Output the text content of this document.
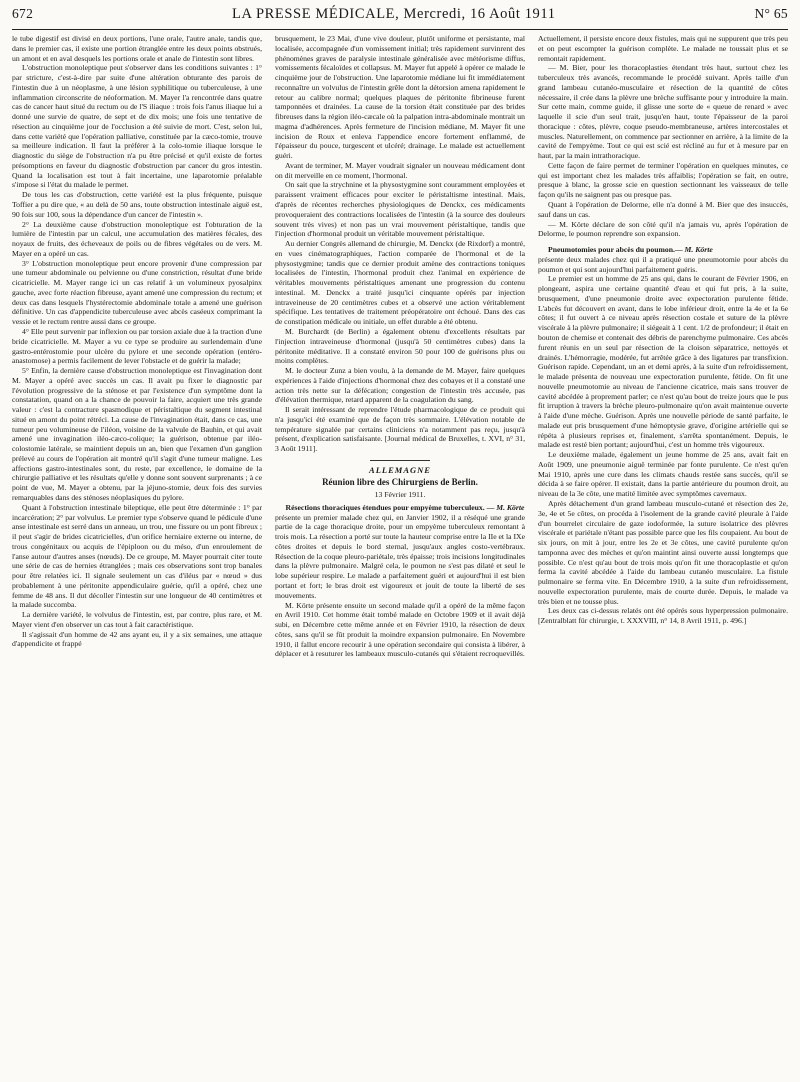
672	LA PRESSE MÉDICALE, Mercredi, 16 Août 1911	N° 65

le tube digestif est divisé en deux portions, l'une orale, l'autre anale, tandis que, dans le premier cas, il existe une portion étranglée entre les deux points obstrués, un amont et en aval desquels les portions orale et anale de l'intestin sont libres.

L'obstruction monoleptique peut s'observer dans les conditions suivantes : 1° par stricture, c'est-à-dire par suite d'une altération obturante des parois de l'intestin due à un néoplasme, à une lésion syphilitique ou tuberculeuse, à une inflammation circonscrite de néoformation. M. Mayer l'a rencontrée dans quatre cas de cancer haut situé du rectum ou de l'S iliaque : trois fois l'anus iliaque lui a donné une survie de quatre, de sept et de dix mois; une fois une tentative de résection au cinquième jour de l'occlusion a été suivie de mort. C'est, selon lui, dans cette variété que l'opération palliative, constituée par la cæco-tomie, trouve sa meilleure indication. Il faut la préférer à la colo-tomie iliaque lorsque le diagnostic du siège de l'obstruction n'a pu être précisé et qu'il existe de fortes présomptions en faveur du diagnostic d'obstruction par cancer du gros intestin. Quand la localisation est tout à fait incertaine, une laparotomie préalable s'impose si l'état du malade le permet.

De tous les cas d'obstruction, cette variété est la plus fréquente, puisque Toffier a pu dire que, « au delà de 50 ans, toute obstruction intestinale aiguë est, 90 fois sur 100, sous la dépendance d'un cancer de l'intestin ».

2° La deuxième cause d'obstruction monoleptique est l'obturation de la lumière de l'intestin par un calcul, une accumulation des matières fécales, des noyaux de fruits, des écheveaux de poils ou de fibres végétales ou de vers. M. Mayer en a opéré un cas.

3° L'obstruction monoleptique peut encore provenir d'une compression par une tumeur abdominale ou pelvienne ou d'une constriction, résultat d'une bride cicatricielle. M. Mayer range ici un cas relatif à un volumineux pyosalpinx gauche, avec forte réaction fibreuse, ayant amené une compression du rectum; et deux cas dans lesquels l'hystérectomie abdominale totale a amené une guérison définitive. Un cas d'appendicite tuberculeuse avec abcès caséeux comprimant la vessie et le rectum rentre aussi dans ce groupe.

4° Elle peut survenir par inflexion ou par torsion axiale due à la traction d'une bride cicatricielle. M. Mayer a vu ce type se produire au surlendemain d'une gastro-entérostomie pour ulcère du pylore et une seconde opération (entéro-anastomose) a permis facilement de lever l'obstacle et de guérir la malade;

5° Enfin, la dernière cause d'obstruction monoleptique est l'invagination dont M. Mayer a opéré avec succès un cas. Il avait pu fixer le diagnostic par l'évolution progressive de la sténose et par l'existence d'un symptôme dont la constatation, quand on a la chance de pouvoir la faire, acquiert une très grande valeur : c'est la contracture spasmodique et péristaltique du segment intestinal situé en amont du point rétréci. La cause de l'invagination était, dans ce cas, une tumeur peu volumineuse de l'iléon, voisine de la valvule de Bauhin, et qui avait amené une invagination iléo-cæco-colique; la guérison, obtenue par iléo-colostomie latérale, se maintient depuis un an, bien que l'examen d'un ganglion prélevé au cours de l'opération ait montré qu'il s'agit d'une tumeur maligne. Les affections gastro-intestinales sont, du reste, par excellence, le domaine de la chirurgie palliative et les résultats qu'elle y donne sont souvent surprenants ; à ce point de vue, M. Mayer a obtenu, par la jéjuno-stomie, deux fois des survies remarquables dans des sténoses néoplasiques du pylore.

Quant à l'obstruction intestinale bileptique, elle peut être déterminée : 1° par incarcération; 2° par volvulus. Le premier type s'observe quand le pédicule d'une anse intestinale est serré dans un anneau, un trou, une fissure ou un pont fibreux ; il peut s'agir de brides cicatricielles, d'un orifice herniaire externe ou interne, de trous congénitaux ou acquis de l'épiploon ou du méso, d'un enroulement de l'anse autour d'autres anses (nœuds). De ce groupe, M. Mayer pourrait citer toute une série de cas de hernies étranglées ; mais ces observations sont trop banales pour être relatées ici. Il signale seulement un cas d'iléus par « nœud » dus probablement à une péritonite appendiculaire guérie, qu'il a opéré, chez une femme de 48 ans. Il dut décoller l'intestin sur une longueur de 40 centimètres et la malade succomba.

La dernière variété, le volvulus de l'intestin, est, par contre, plus rare, et M. Mayer vient d'en observer un cas tout à fait caractéristique.

Il s'agissait d'un homme de 42 ans ayant eu, il y a six semaines, une attaque d'appendicite et frappé

brusquement, le 23 Mai, d'une vive douleur, plutôt uniforme et persistante, mal localisée, accompagnée d'un vomissement initial; très rapidement survinrent des phénomènes graves de paralysie intestinale généralisée avec météorisme diffus, vomissements fécaloïdes et collapsus. M. Mayer fut appelé à opérer ce malade le cinquième jour de l'obstruction. Une laparotomie médiane lui fit immédiatement reconnaître un volvulus de l'intestin grêle dont la détorsion amena rapidement le retour au calibre normal; quelques plaques de péritonite fibrineuse furent tamponnées et drainées. La cause de la torsion était constituée par des brides fibreuses dans la région iléo-cæcale où la palpation intra-abdominale montrait un magma d'adhérences. Après fermeture de l'incision médiane, M. Mayer fit une incision de Roux et enleva l'appendice encore fortement enflammé, de l'épaisseur du pouce, turgescent et ulcéré; drainage. Le malade est actuellement guéri.

Avant de terminer, M. Mayer voudrait signaler un nouveau médicament dont on dit merveille en ce moment, l'hormonal.

On sait que la strychnine et la physostygmine sont couramment employées et paraissent vraiment efficaces pour exciter le péristaltisme intestinal. Mais, d'après de récentes recherches physiologiques de Denckx, ces médicaments provoqueraient des contractions localisées de l'intestin (à la source des douleurs souvent très vives) et non pas un vrai mouvement péristaltique, tandis que l'injection d'hormonal produit un véritable mouvement péristaltique.

Au dernier Congrès allemand de chirurgie, M. Denckx (de Rixdorf) a montré, en vues cinématographiques, l'action comparée de l'hormonal et de la physostygmine; tandis que ce dernier produit amène des contractions toniques localisées de l'intestin, l'hormonal produit chez l'animal en expérience de véritables mouvements péristaltiques amenant une progression du contenu intestinal. M. Denckx a traité jusqu'ici cinquante opérés par injection intraveineuse de 20 centimètres cubes et a observé une action véritablement spécifique. Les tentatives de traitement préopératoire ont échoué. Dans des cas de constipation médicale ou initiale, un effet durable a été obtenu.

M. Burchardt (de Berlin) a également obtenu d'excellents résultats par l'injection intraveineuse d'hormonal (jusqu'à 50 centimètres cubes) dans la péritonite méditative. Il a constaté environ 50 pour 100 de guérisons plus ou moins complètes.

M. le docteur Zunz a bien voulu, à la demande de M. Mayer, faire quelques expériences à l'aide d'injections d'hormonal chez des cobayes et il a constaté une action très nette sur la défécation; congestion de l'intestin très accusée, pas d'élévation thermique, retard apparent de la coagulation du sang.

Il serait intéressant de reprendre l'étude pharmacologique de ce produit qui n'a jusqu'ici été examiné que de façon très sommaire. L'élévation notable de température signalée par certains cliniciens n'a notamment pas reçu, jusqu'à présent, d'explication satisfaisante. [Journal médical de Bruxelles, t. XVI, n° 31, 3 Août 1911].

ALLEMAGNE
Réunion libre des Chirurgiens de Berlin.
13 Février 1911.

Résections thoraciques étendues pour empyème tuberculeux. — M. Körte

présente un premier malade chez qui, en Janvier 1902, il a réséqué une grande partie de la cage thoracique droite, pour un empyème tuberculeux remontant à trois mois. La résection a porté sur toute la hauteur comprise entre la IIe et la IXe côtes droites et depuis le bord sternal, jusqu'aux angles costo-vertébraux. Résection de la coque pleuro-pariétale, très épaisse; trois incisions longitudinales dans la plèvre pulmonaire. Malgré cela, le poumon ne s'est pas dilaté et seul le lobe supérieur respire. Le malade a parfaitement guéri et aujourd'hui il est bien portant et fort; le bras droit est vigoureux et jouit de toute la liberté de ses mouvements.

M. Körte présente ensuite un second malade qu'il a opéré de la même façon en Avril 1910. Cet homme était tombé malade en Octobre 1909 et il avait déjà subi, en Décembre cette même année et en Février 1910, la résection de deux côtes, sans qu'il se fût produit la moindre expansion pulmonaire. En Novembre 1910, il fallut encore recourir à une opération secondaire qui consista à libérer, à déplacer et à resuturer les lambeaux musculo-cutanés qui s'étaient recroquevillés.

Actuellement, il persiste encore deux fistules, mais qui ne suppurent que très peu et on peut escompter la guérison complète. Le malade ne toussait plus et se remontait rapidement.

— M. Bier, pour les thoracoplasties étendant très haut, surtout chez les tuberculeux très avancés, recommande le procédé suivant. Après taille d'un grand lambeau cutanéo-musculaire et résection de la quantité de côtes nécessaire, il crée dans la plèvre une brèche suffisante pour y introduire la main. Sur cette main, comme guide, il glisse une sorte de « queue de renard » avec laquelle il scie d'un seul trait, jusqu'en haut, toute l'épaisseur de la paroi thoracique : côtes, plèvre, coque pseudo-membraneuse, artères intercostales et muscles. Naturellement, on commence par sectionner en arrière, à la limite de la cavité de l'empyème. Tout ce qui est scié est récliné au fur et à mesure par en haut, par la main intrathoracique.

Cette façon de faire permet de terminer l'opération en quelques minutes, ce qui est important chez les malades très affaiblis; l'opération se fait, en outre, presque à blanc, la grosse scie en question sectionnant les vaisseaux de telle façon qu'ils ne saignent pas ou presque pas.

Quant à l'opération de Delorme, elle n'a donné à M. Bier que des insuccès, sauf dans un cas.

— M. Körte déclare de son côté qu'il n'a jamais vu, après l'opération de Delorme, le poumon reprendre son expansion.

Pneumotomies pour abcès du poumon.— M. Körte

présente deux malades chez qui il a pratiqué une pneumotomie pour abcès du poumon et qui sont aujourd'hui parfaitement guéris.

Le premier est un homme de 25 ans qui, dans le courant de Février 1906, en plongeant, aspira une certaine quantité d'eau et qui fut pris, à la suite, brusquement, d'une pneumonie droite avec expectoration purulente fétide. L'abcès fut découvert en avant, dans le lobe inférieur droit, entre la 4e et la 6e côtes; il fut ouvert à ce niveau après résection costale et suture de la plèvre viscérale à la plèvre pulmonaire; il siégeait à 1 cent. 1/2 de profondeur; il était en bouton de chemise et contenait des débris de parenchyme pulmonaire. Ces abcès furent réunis en un seul par résection de la cloison séparatrice, nettoyés et drainés. L'hémorragie, modérée, fut arrêtée grâce à des ligatures par transfixion. Guérison rapide. Cependant, un an et demi après, à la suite d'un refroidissement, le malade présenta de nouveau une expectoration purulente, fétide. On fit une nouvelle pneumotomie au niveau de l'ancienne cicatrice, mais sans trouver de cavité abcédée à proprement parler; ce n'est qu'au bout de treize jours que le pus fit irruption à travers la brèche pleuro-pulmonaire qu'on avait maintenue ouverte à l'aide d'une mèche. Guérison. Après une nouvelle période de santé parfaite, le malade eut pris brusquement d'une hémoptysie grave, d'origine artérielle qui se répéta à plusieurs reprises et, finalement, s'arrêta spontanément. Depuis, le malade est resté bien portant; aujourd'hui, c'est un homme très vigoureux.

Le deuxième malade, également un jeune homme de 25 ans, avait fait en Août 1909, une pneumonie aiguë terminée par fonte purulente. Ce n'est qu'en Mai 1910, après une cure dans les climats chauds restée sans succès, qu'il se décida à se faire opérer. Il existait, dans la partie antérieure du poumon droit, au niveau de la 3e côte, une matité limitée avec symptômes cavernaux.

Après détachement d'un grand lambeau musculo-cutané et résection des 2e, 3e, 4e et 5e côtes, on procéda à l'isolement de la grande cavité pleurale à l'aide d'un bourrelet circulaire de gaze iodoformée, la suture isolatrice des plèvres viscérale et pariétale n'étant pas possible parce que les fils coupaient. Au bout de six jours, on mit à jour, entre les 2e et 3e côtes, une cavité purulente qu'on tamponna avec des mèches et qu'on maintint ainsi ouverte aussi longtemps que possible. Ce n'est qu'au bout de trois mois qu'on fit une thoracoplastie et qu'on ferma la cavité abcédée à l'aide du lambeau cutanéo musculaire. La fistule pulmonaire se ferma vite. En Décembre 1910, à la suite d'un refroidissement, nouvelle expectoration purulente, mais de courte durée. Depuis, le malade va très bien et ne tousse plus.

Les deux cas ci-dessus relatés ont été opérés sous hyperpression pulmonaire. [Zentralblatt für chirurgie, t. XXXVIII, n° 14, 8 Avril 1911, p. 496.]
